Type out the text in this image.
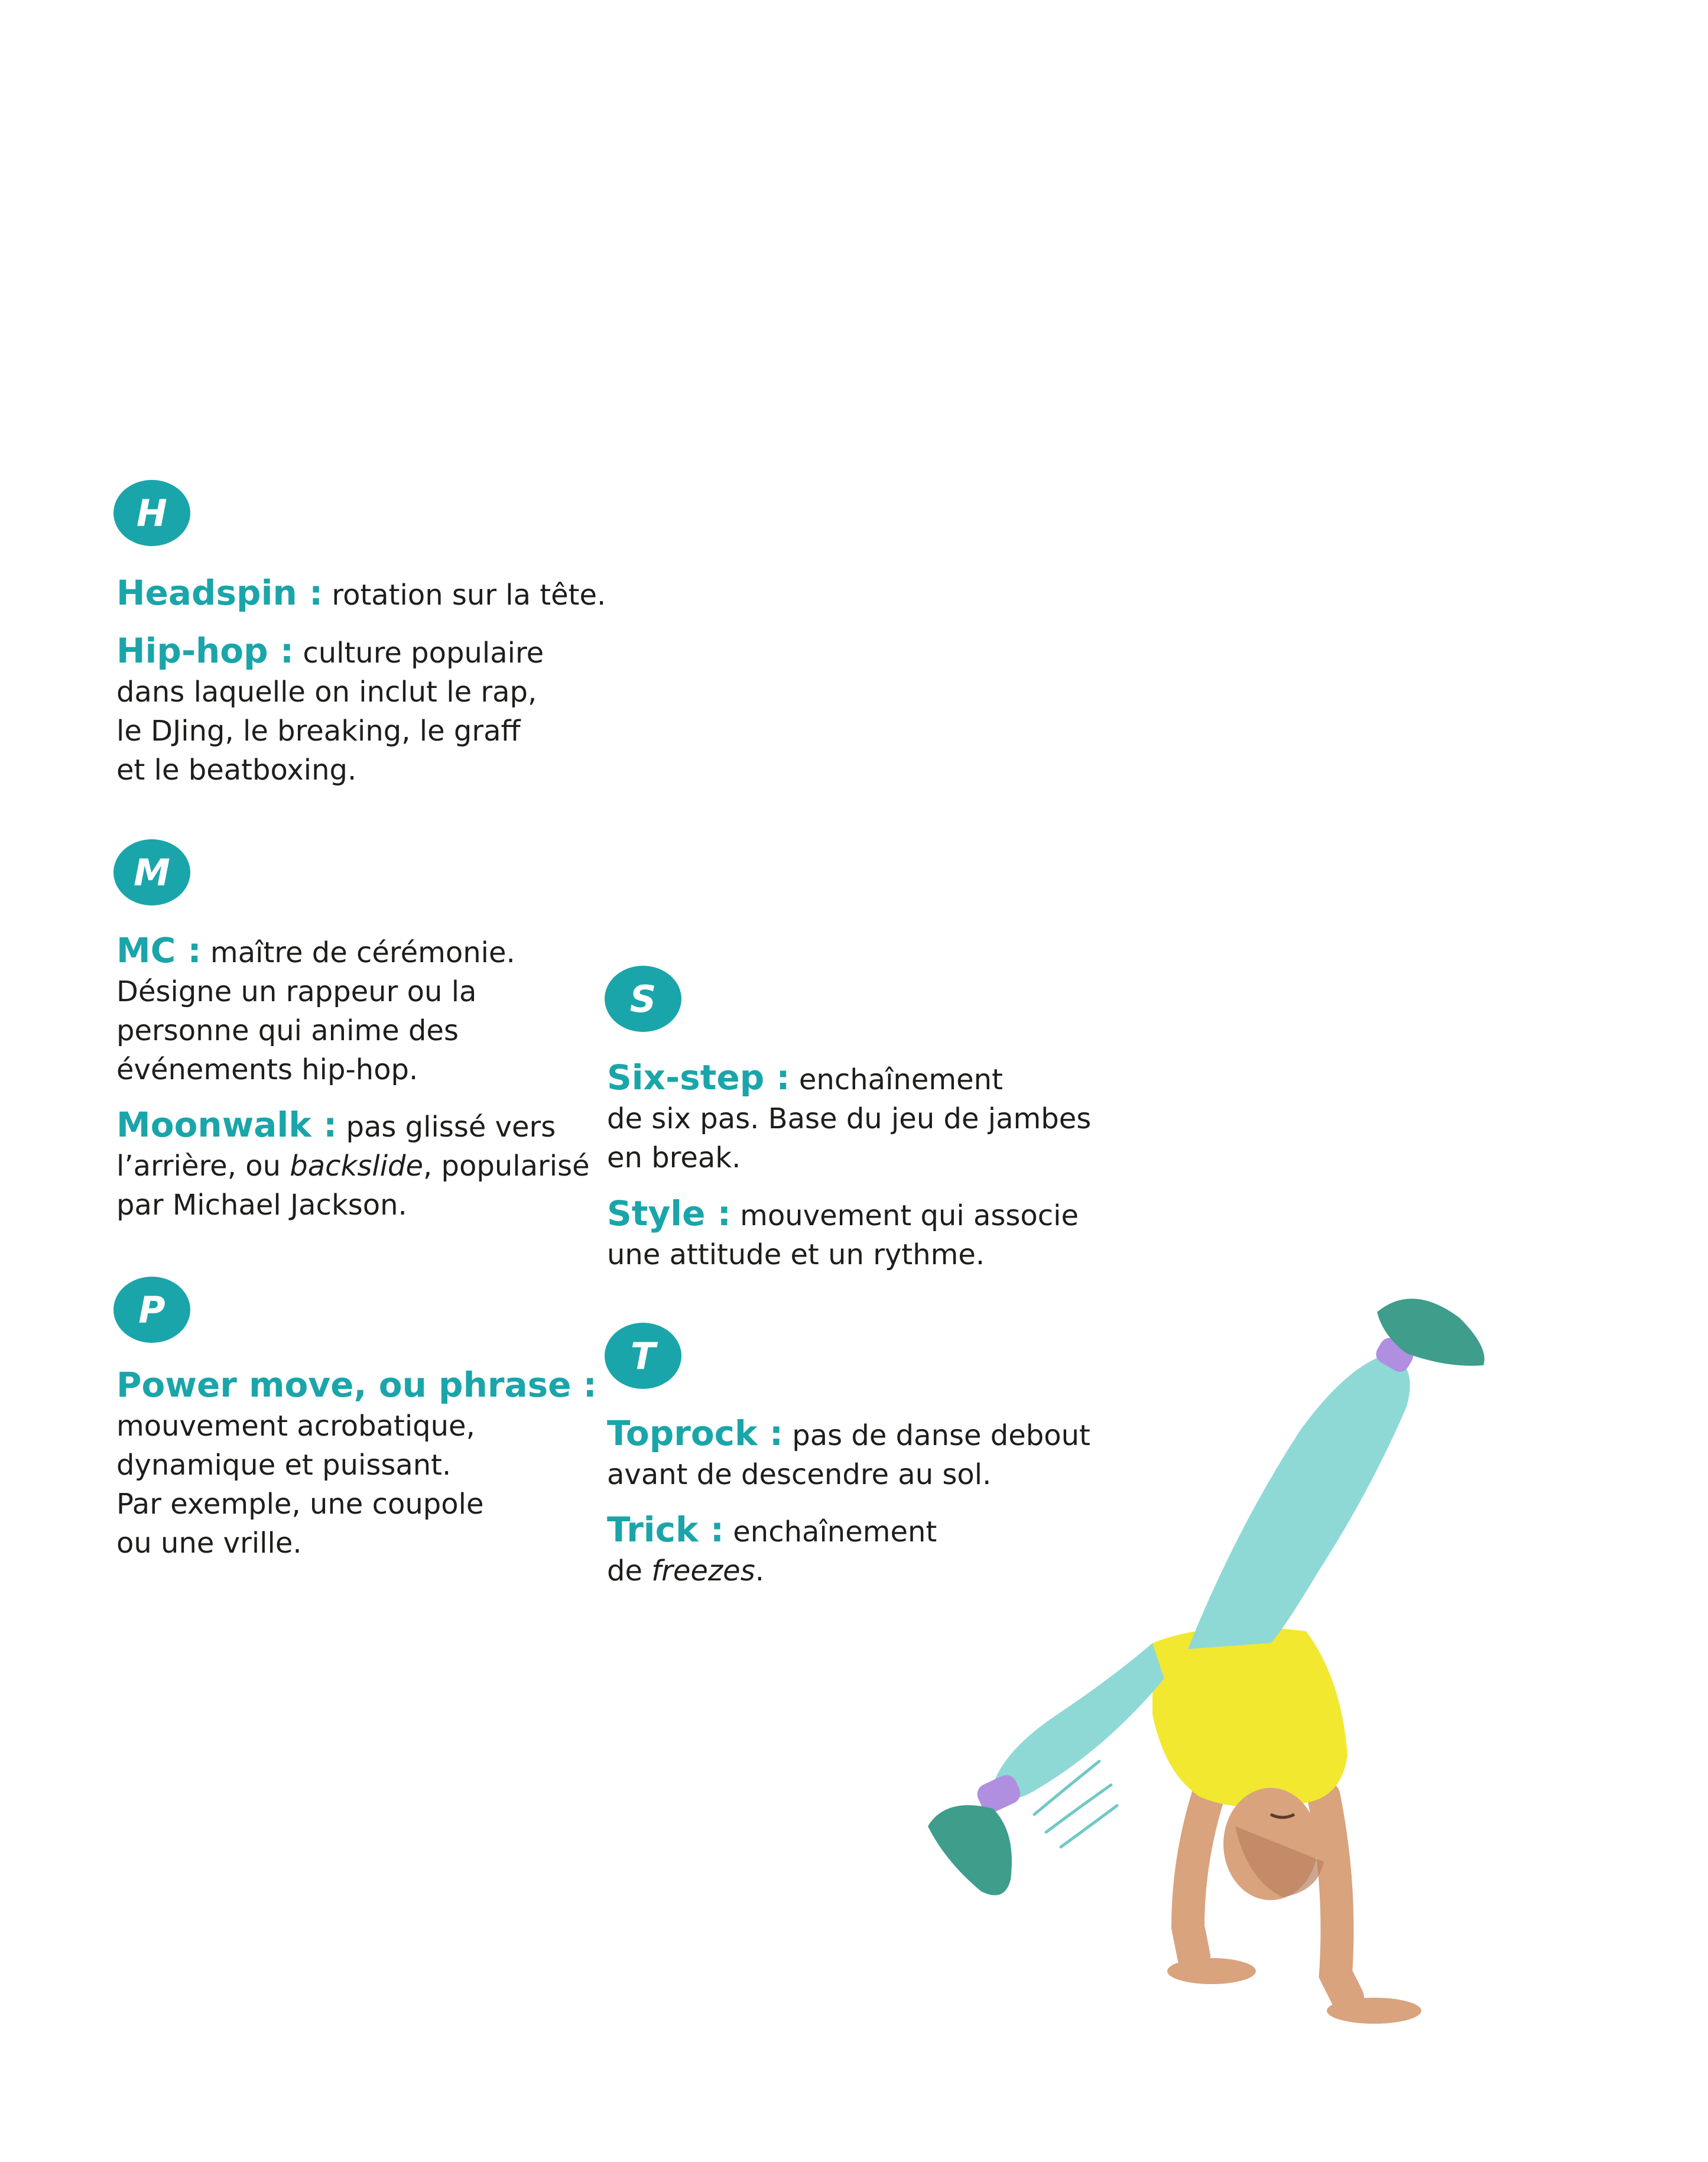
H

Headspin : rotation sur la tête.

Hip-hop : culture populaire
dans laquelle on inclut le rap,
le DJing, le breaking, le graff
et le beatboxing.

M

MC : maître de cérémonie.
Désigne un rappeur ou la
personne qui anime des
événements hip-hop.

Moonwalk : pas glissé vers
l’arrière, ou backslide, popularisé
par Michael Jackson.

P

Power move, ou phrase :
mouvement acrobatique,
dynamique et puissant.
Par exemple, une coupole
ou une vrille.

S

Six-step : enchaînement
de six pas. Base du jeu de jambes
en break.

Style : mouvement qui associe
une attitude et un rythme.

T

Toprock : pas de danse debout
avant de descendre au sol.

Trick : enchaînement
de freezes.
